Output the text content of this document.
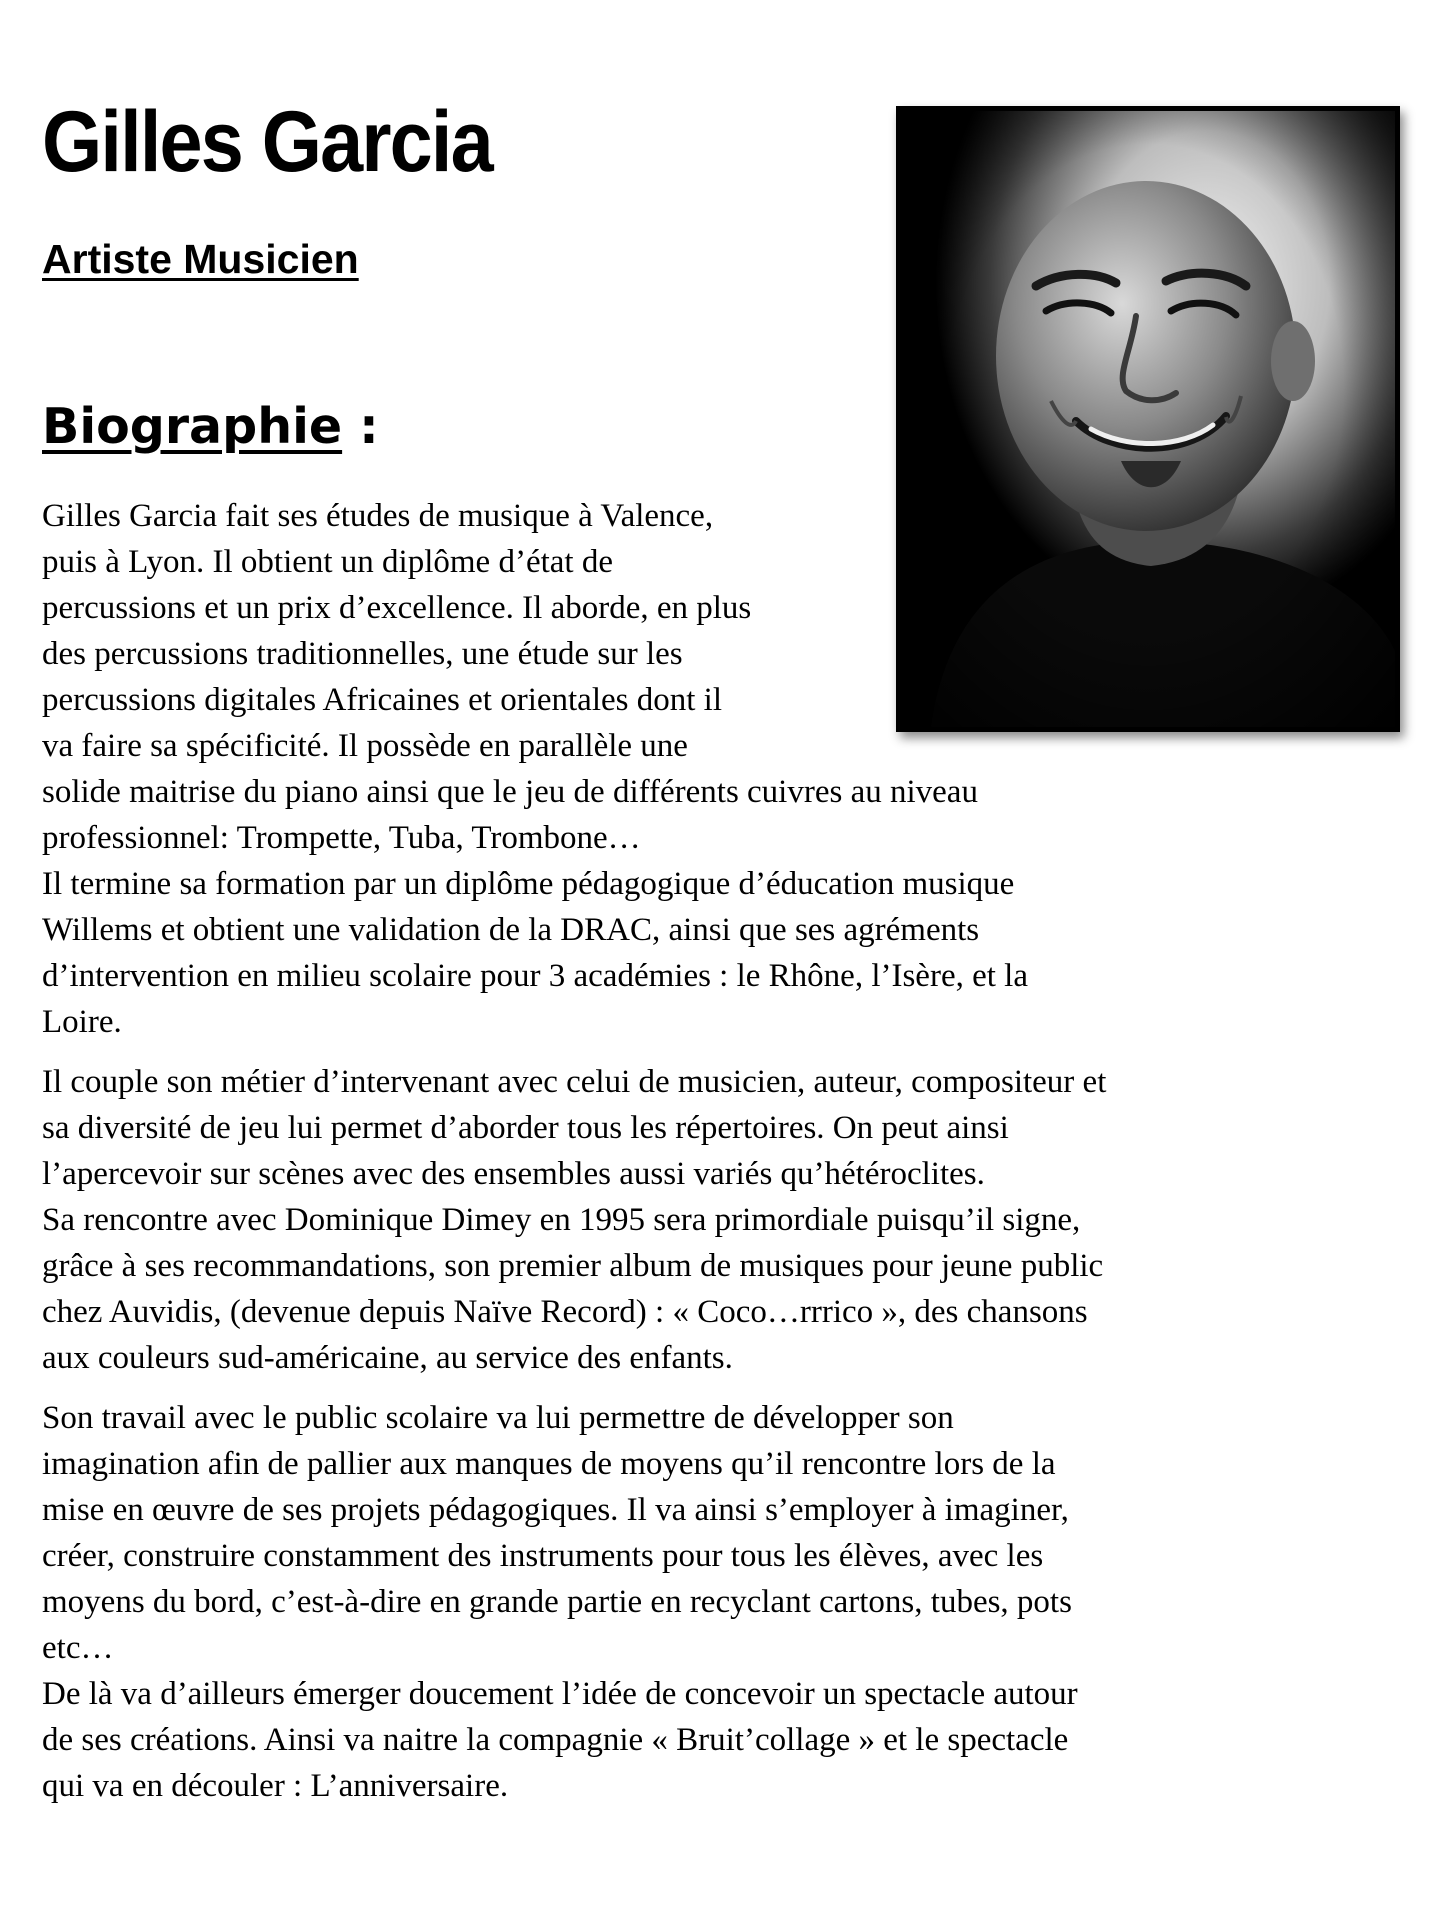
Gilles Garcia
Artiste Musicien
Biographie :

Gilles Garcia fait ses études de musique à Valence,
puis à Lyon. Il obtient un diplôme d’état de
percussions et un prix d’excellence. Il aborde, en plus
des percussions traditionnelles, une étude sur les
percussions digitales Africaines et orientales dont il
va faire sa spécificité. Il possède en parallèle une
solide maitrise du piano ainsi que le jeu de différents cuivres au niveau
professionnel: Trompette, Tuba, Trombone…
Il termine sa formation par un diplôme pédagogique d’éducation musique
Willems et obtient une validation de la DRAC, ainsi que ses agréments
d’intervention en milieu scolaire pour 3 académies : le Rhône, l’Isère, et la
Loire.

Il couple son métier d’intervenant avec celui de musicien, auteur, compositeur et
sa diversité de jeu lui permet d’aborder tous les répertoires. On peut ainsi
l’apercevoir sur scènes avec des ensembles aussi variés qu’hétéroclites.
Sa rencontre avec Dominique Dimey en 1995 sera primordiale puisqu’il signe,
grâce à ses recommandations, son premier album de musiques pour jeune public
chez Auvidis, (devenue depuis Naïve Record) : « Coco…rrrico », des chansons
aux couleurs sud-américaine, au service des enfants.

Son travail avec le public scolaire va lui permettre de développer son
imagination afin de pallier aux manques de moyens qu’il rencontre lors de la
mise en œuvre de ses projets pédagogiques. Il va ainsi s’employer à imaginer,
créer, construire constamment des instruments pour tous les élèves, avec les
moyens du bord, c’est-à-dire en grande partie en recyclant cartons, tubes, pots
etc…
De là va d’ailleurs émerger doucement l’idée de concevoir un spectacle autour
de ses créations. Ainsi va naitre la compagnie « Bruit’collage » et le spectacle
qui va en découler : L’anniversaire.
